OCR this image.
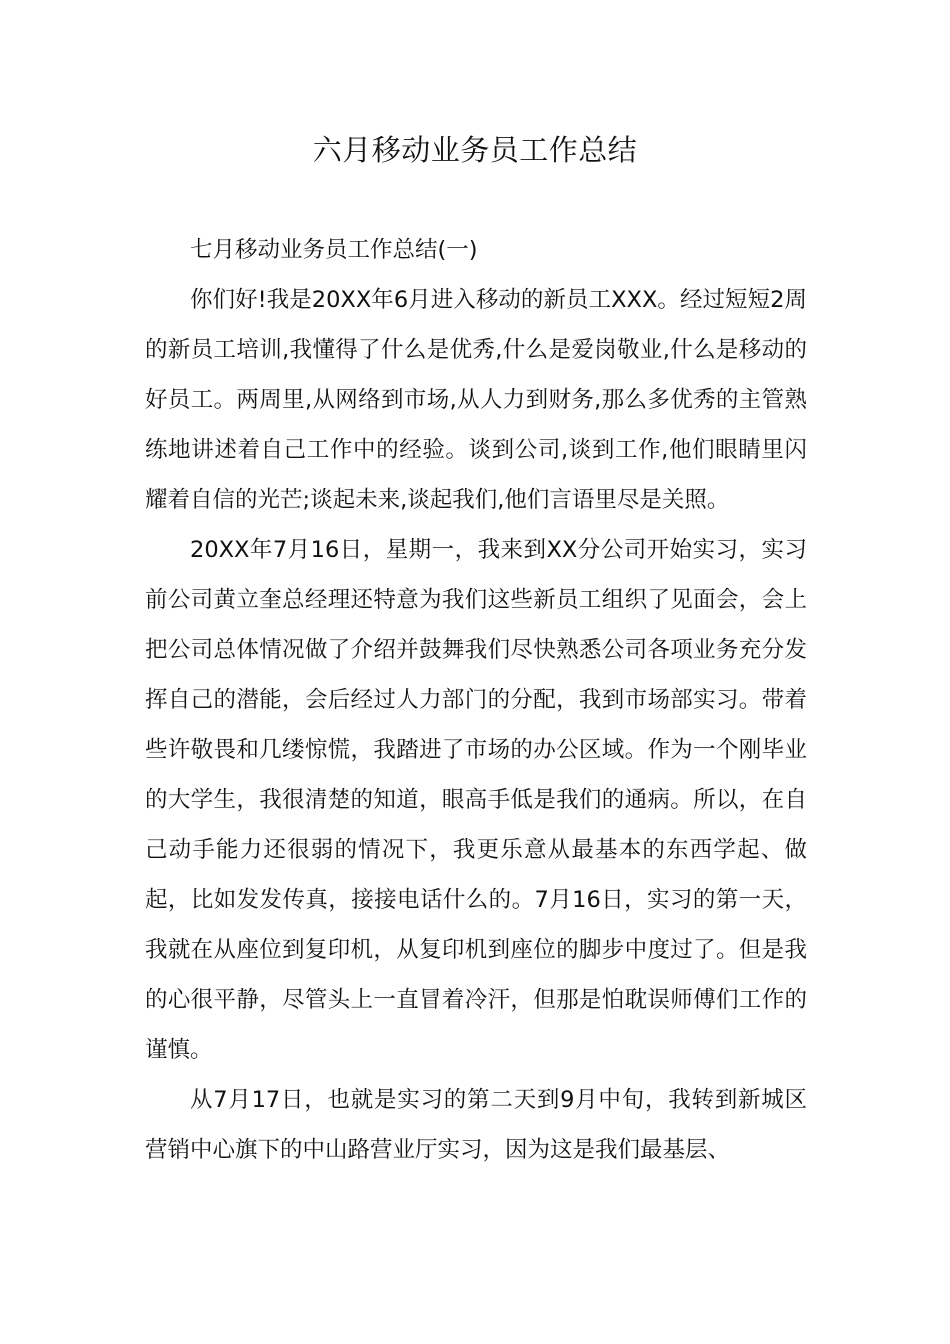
六月移动业务员工作总结

七月移动业务员工作总结(一)

你们好!我是20XX年6月进入移动的新员工XXX。经过短短2周的新员工培训,我懂得了什么是优秀,什么是爱岗敬业,什么是移动的好员工。两周里,从网络到市场,从人力到财务,那么多优秀的主管熟练地讲述着自己工作中的经验。谈到公司,谈到工作,他们眼睛里闪耀着自信的光芒;谈起未来,谈起我们,他们言语里尽是关照。

20XX年7月16日，星期一，我来到XX分公司开始实习，实习前公司黄立奎总经理还特意为我们这些新员工组织了见面会，会上把公司总体情况做了介绍并鼓舞我们尽快熟悉公司各项业务充分发挥自己的潜能，会后经过人力部门的分配，我到市场部实习。带着些许敬畏和几缕惊慌，我踏进了市场的办公区域。作为一个刚毕业的大学生，我很清楚的知道，眼高手低是我们的通病。所以，在自己动手能力还很弱的情况下，我更乐意从最基本的东西学起、做起，比如发发传真，接接电话什么的。7月16日，实习的第一天，我就在从座位到复印机，从复印机到座位的脚步中度过了。但是我的心很平静，尽管头上一直冒着冷汗，但那是怕耽误师傅们工作的谨慎。

从7月17日，也就是实习的第二天到9月中旬，我转到新城区营销中心旗下的中山路营业厅实习，因为这是我们最基层、
